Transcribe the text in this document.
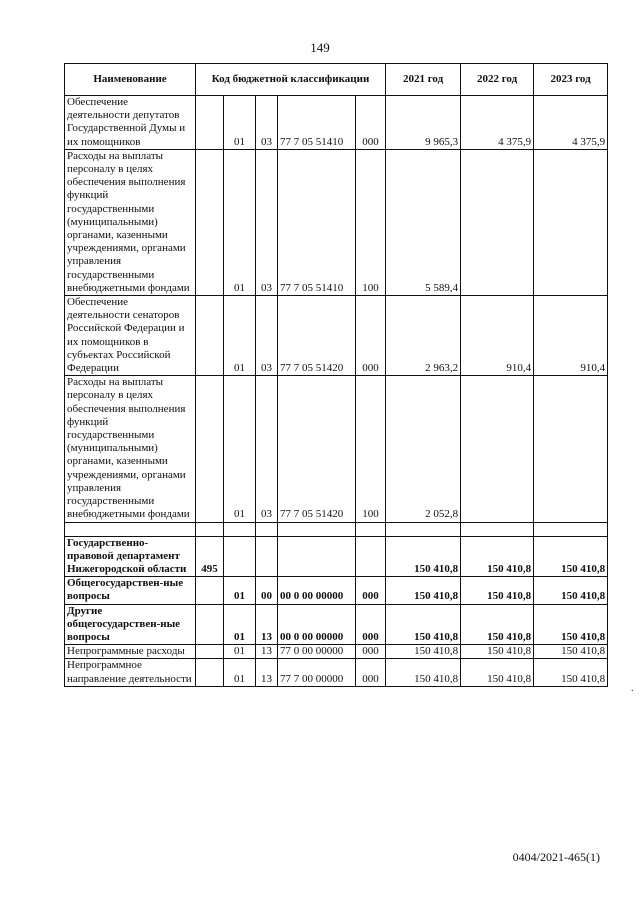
149
.
Наименование	Код бюджетной классификации					2021 год	2022 год	2023 год
Обеспечение деятельности депутатов Государственной Думы и их помощников		01	03	77 7 05 51410	000	9 965,3	4 375,9	4 375,9
Расходы на выплаты персоналу в целях обеспечения выполнения функций государственными (муниципальными) органами, казенными учреждениями, органами управления государственными внебюджетными фондами		01	03	77 7 05 51410	100	5 589,4		
Обеспечение деятельности сенаторов Российской Федерации и их помощников в субъектах Российской Федерации		01	03	77 7 05 51420	000	2 963,2	910,4	910,4
Расходы на выплаты персоналу в целях обеспечения выполнения функций государственными (муниципальными) органами, казенными учреждениями, органами управления государственными внебюджетными фондами		01	03	77 7 05 51420	100	2 052,8		

Государственно-правовой департамент Нижегородской области	495					150 410,8	150 410,8	150 410,8
Общегосударствен-ные вопросы		01	00	00 0 00 00000	000	150 410,8	150 410,8	150 410,8
Другие общегосударствен-ные вопросы		01	13	00 0 00 00000	000	150 410,8	150 410,8	150 410,8
Непрограммные расходы		01	13	77 0 00 00000	000	150 410,8	150 410,8	150 410,8
Непрограммное направление деятельности		01	13	77 7 00 00000	000	150 410,8	150 410,8	150 410,8
0404/2021-465(1)
